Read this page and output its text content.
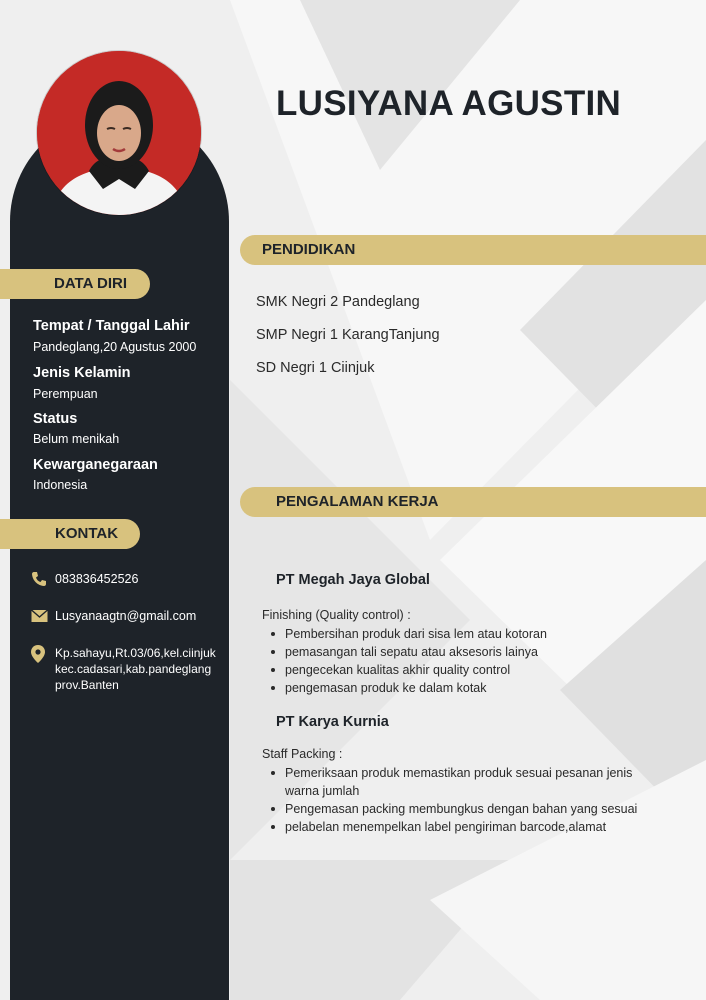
LUSIYANA AGUSTIN
DATA DIRI
Tempat / Tanggal Lahir
Pandeglang,20 Agustus 2000
Jenis Kelamin
Perempuan
Status
Belum menikah
Kewarganegaraan
Indonesia
KONTAK
083836452526
Lusyanaagtn@gmail.com
Kp.sahayu,Rt.03/06,kel.ciinjuk
kec.cadasari,kab.pandeglang
prov.Banten
PENDIDIKAN
SMK Negri 2 Pandeglang
SMP Negri 1 KarangTanjung
SD Negri 1 Ciinjuk
PENGALAMAN KERJA
PT Megah Jaya Global
Finishing (Quality control) :
Pembersihan produk dari sisa lem atau kotoran
pemasangan tali sepatu atau aksesoris lainya
pengecekan kualitas akhir quality control
pengemasan produk ke dalam kotak
PT Karya Kurnia
Staff Packing :
Pemeriksaan produk memastikan produk sesuai pesanan jenis
warna jumlah
Pengemasan packing membungkus dengan bahan yang sesuai
pelabelan menempelkan label pengiriman barcode,alamat
